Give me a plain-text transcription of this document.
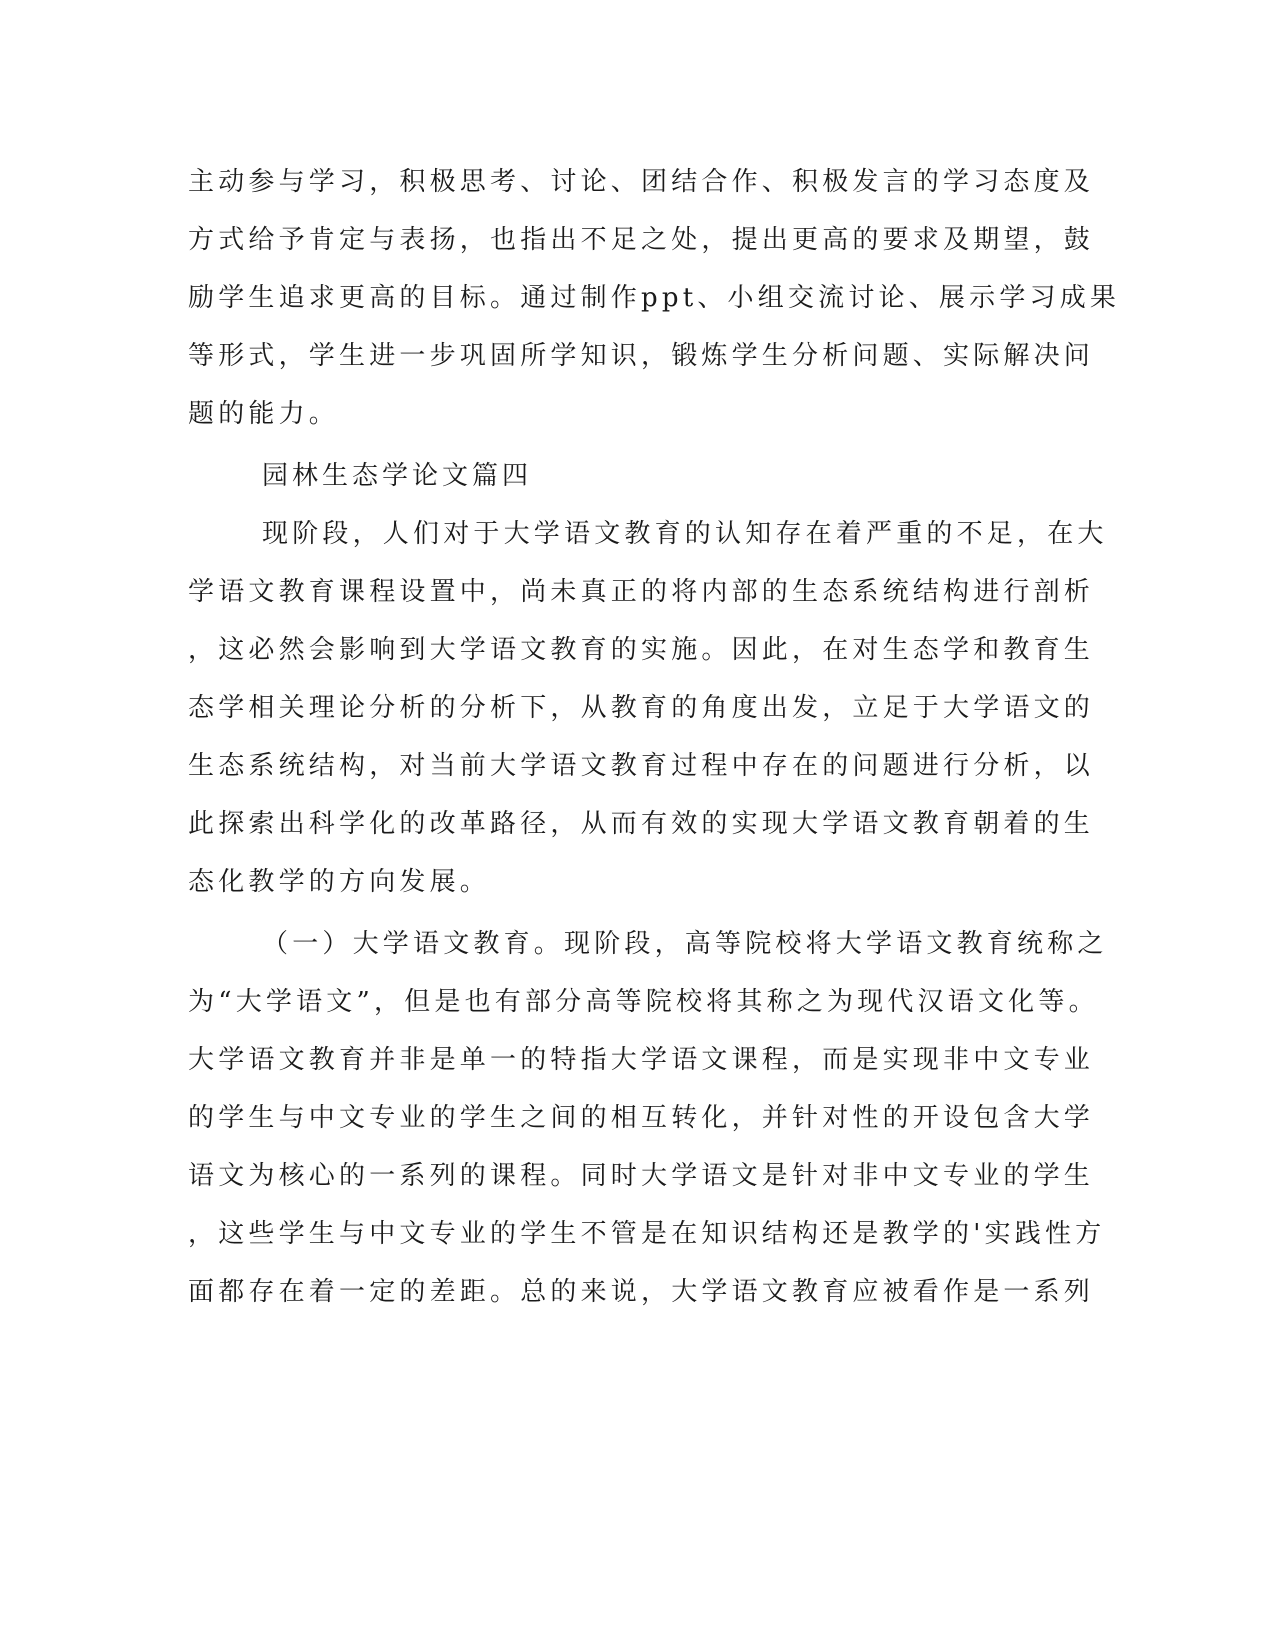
主动参与学习，积极思考、讨论、团结合作、积极发言的学习态度及
方式给予肯定与表扬，也指出不足之处，提出更高的要求及期望，鼓
励学生追求更高的目标。通过制作ppt、小组交流讨论、展示学习成果
等形式，学生进一步巩固所学知识，锻炼学生分析问题、实际解决问
题的能力。
园林生态学论文篇四
现阶段，人们对于大学语文教育的认知存在着严重的不足，在大
学语文教育课程设置中，尚未真正的将内部的生态系统结构进行剖析
，这必然会影响到大学语文教育的实施。因此，在对生态学和教育生
态学相关理论分析的分析下，从教育的角度出发，立足于大学语文的
生态系统结构，对当前大学语文教育过程中存在的问题进行分析，以
此探索出科学化的改革路径，从而有效的实现大学语文教育朝着的生
态化教学的方向发展。
（一）大学语文教育。现阶段，高等院校将大学语文教育统称之
为“大学语文”，但是也有部分高等院校将其称之为现代汉语文化等。
大学语文教育并非是单一的特指大学语文课程，而是实现非中文专业
的学生与中文专业的学生之间的相互转化，并针对性的开设包含大学
语文为核心的一系列的课程。同时大学语文是针对非中文专业的学生
，这些学生与中文专业的学生不管是在知识结构还是教学的'实践性方
面都存在着一定的差距。总的来说，大学语文教育应被看作是一系列
